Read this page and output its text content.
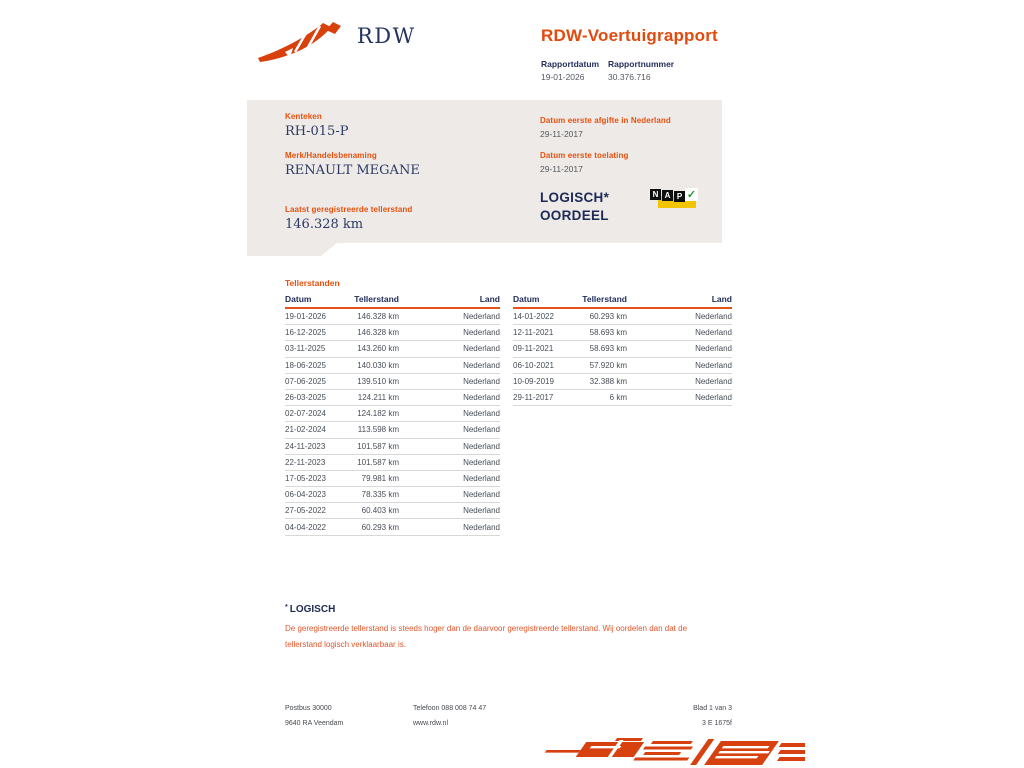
RDW	RDW-Voertuigrapport
Rapportdatum
19-01-2026
Rapportnummer
30.376.716
Kenteken
RH-015-P
Merk/Handelsbenaming
RENAULT MEGANE
Laatst geregistreerde tellerstand
146.328 km
Datum eerste afgifte in Nederland
29-11-2017
Datum eerste toelating
29-11-2017
LOGISCH*
OORDEEL
N A P ✓
Tellerstanden
Datum	Tellerstand	Land
19-01-2026	146.328 km	Nederland
16-12-2025	146.328 km	Nederland
03-11-2025	143.260 km	Nederland
18-06-2025	140.030 km	Nederland
07-06-2025	139.510 km	Nederland
26-03-2025	124.211 km	Nederland
02-07-2024	124.182 km	Nederland
21-02-2024	113.598 km	Nederland
24-11-2023	101.587 km	Nederland
22-11-2023	101.587 km	Nederland
17-05-2023	79.981 km	Nederland
06-04-2023	78.335 km	Nederland
27-05-2022	60.403 km	Nederland
04-04-2022	60.293 km	Nederland
Datum	Tellerstand	Land
14-01-2022	60.293 km	Nederland
12-11-2021	58.693 km	Nederland
09-11-2021	58.693 km	Nederland
06-10-2021	57.920 km	Nederland
10-09-2019	32.388 km	Nederland
29-11-2017	6 km	Nederland
* LOGISCH
De geregistreerde tellerstand is steeds hoger dan de daarvoor geregistreerde tellerstand. Wij oordelen dan dat de tellerstand logisch verklaarbaar is.
Postbus 30000
9640 RA Veendam
Telefoon 088 008 74 47
www.rdw.nl
Blad 1 van 3
3 E 1675f
